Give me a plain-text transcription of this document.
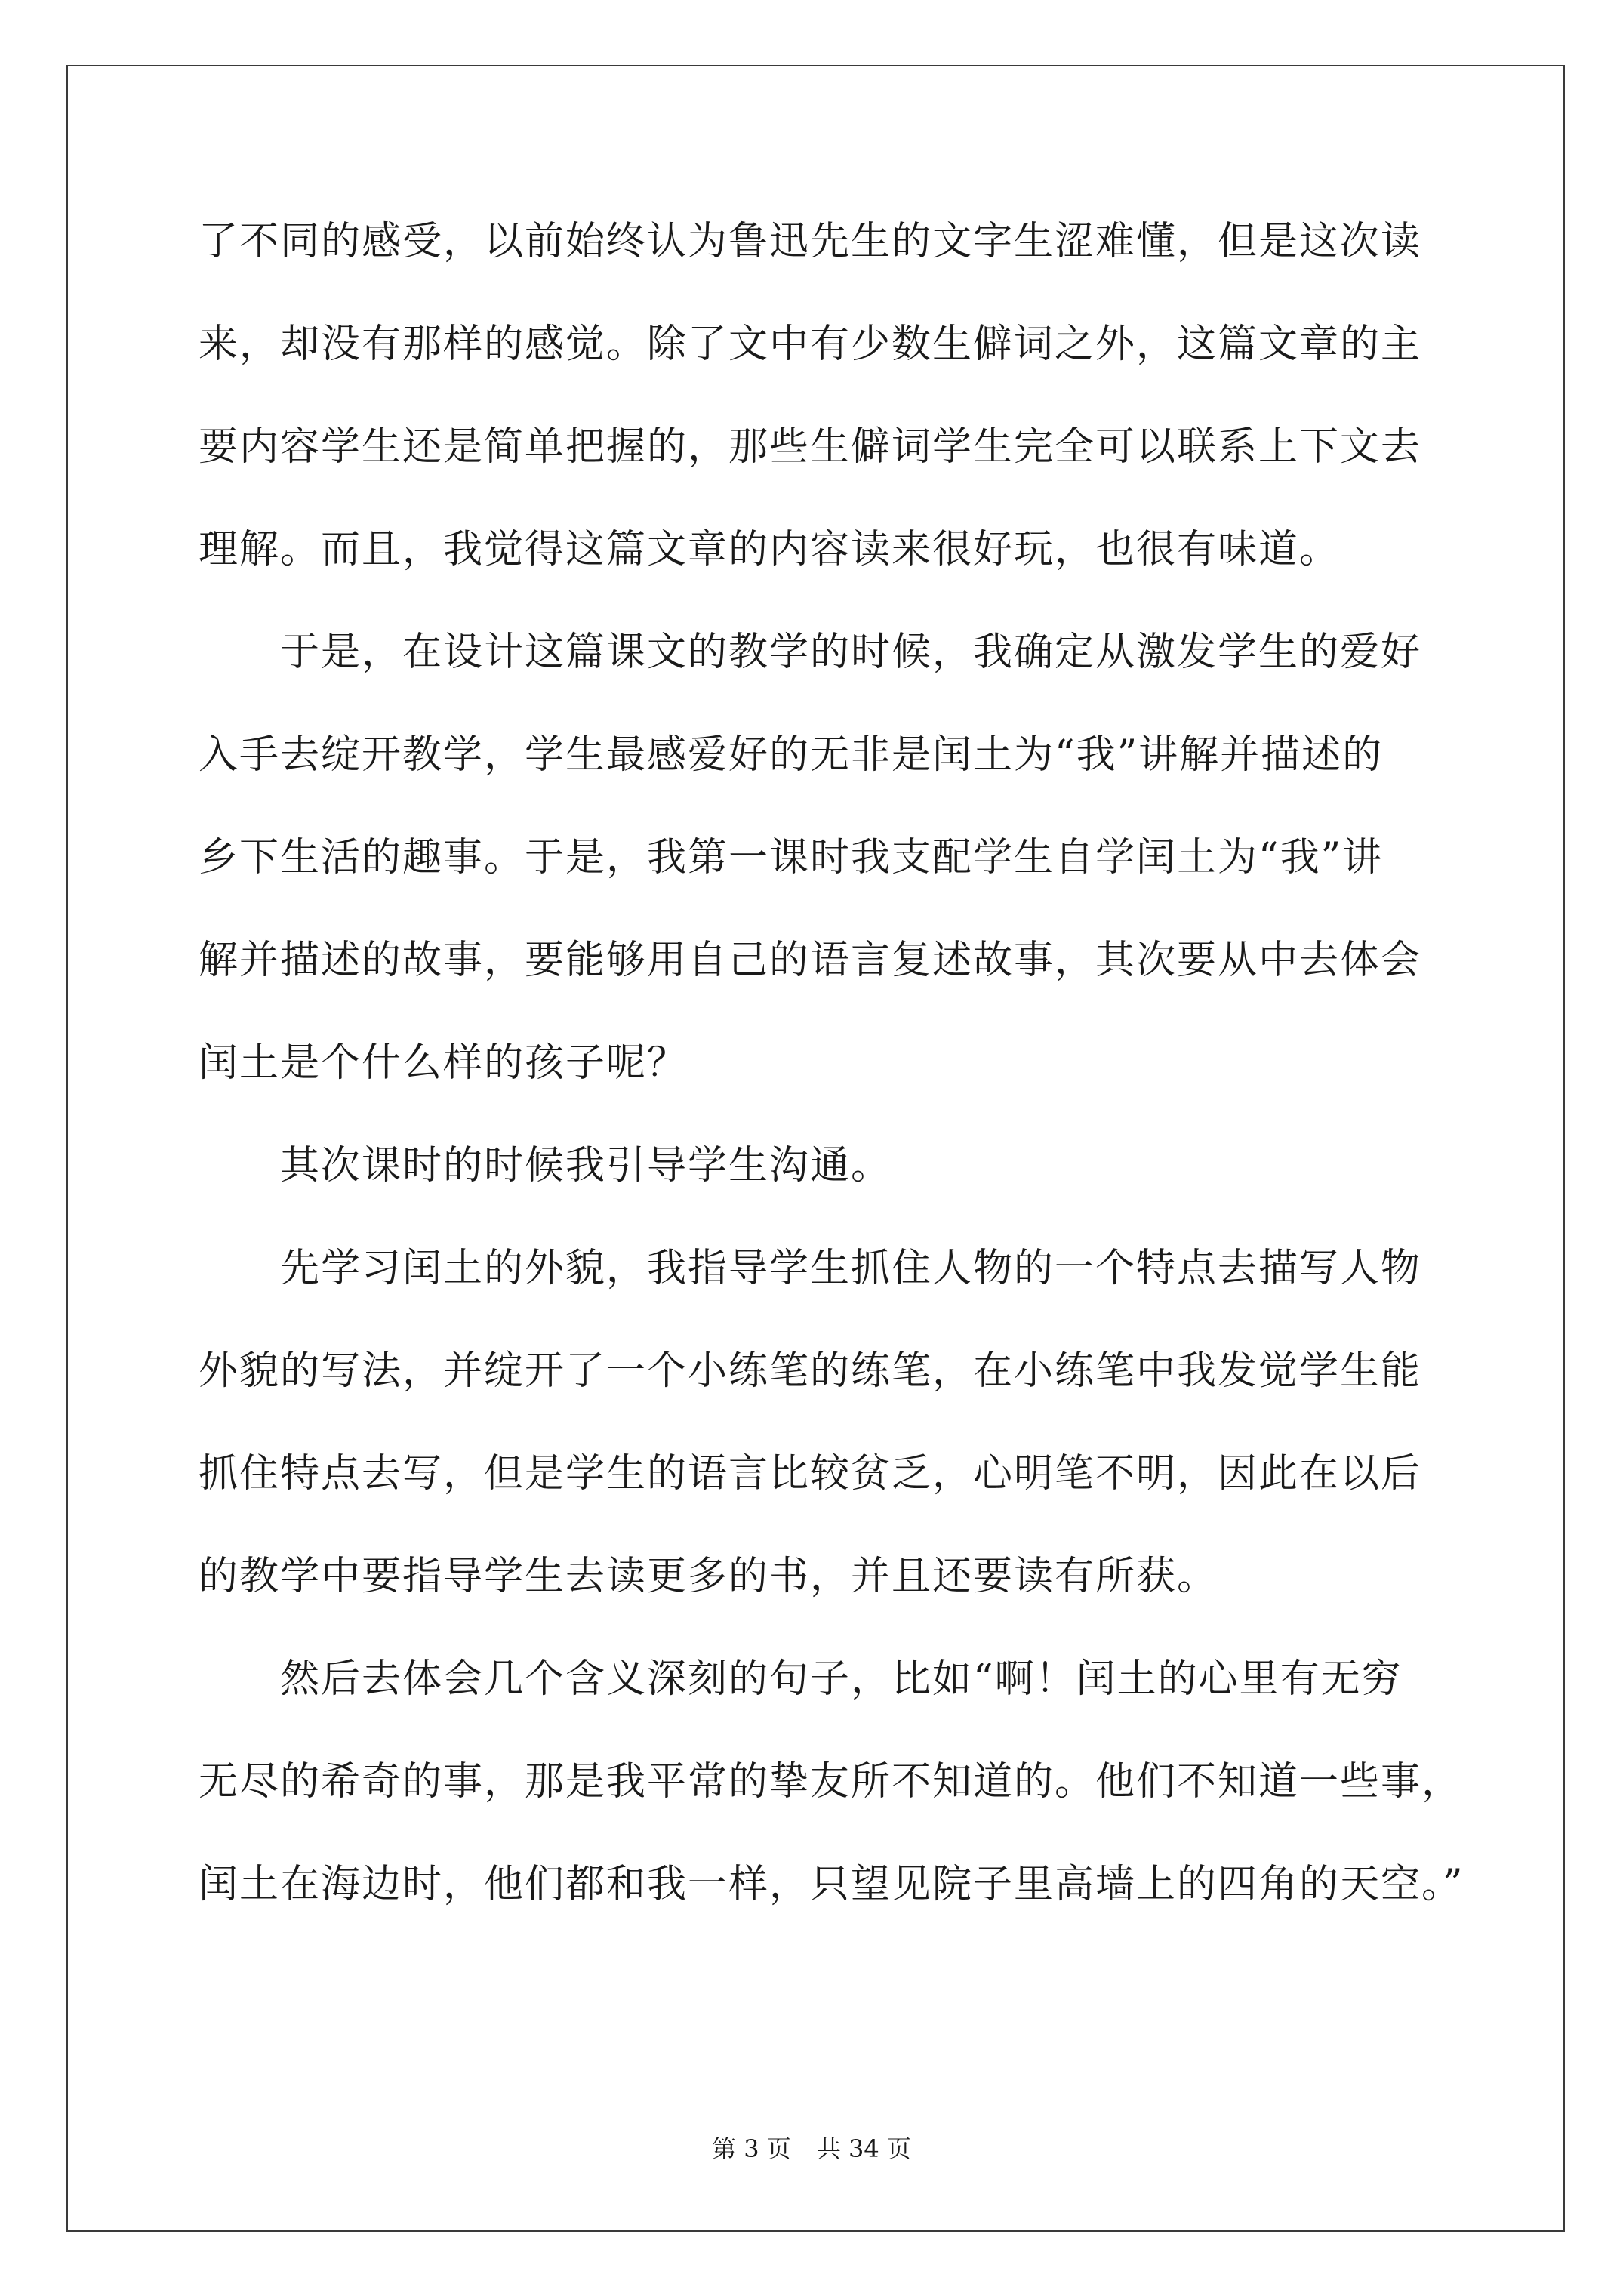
了不同的感受，以前始终认为鲁迅先生的文字生涩难懂，但是这次读
来，却没有那样的感觉。除了文中有少数生僻词之外，这篇文章的主
要内容学生还是简单把握的，那些生僻词学生完全可以联系上下文去
理解。而且，我觉得这篇文章的内容读来很好玩，也很有味道。
于是，在设计这篇课文的教学的时候，我确定从激发学生的爱好
入手去绽开教学，学生最感爱好的无非是闰土为“我”讲解并描述的
乡下生活的趣事。于是，我第一课时我支配学生自学闰土为“我”讲
解并描述的故事，要能够用自己的语言复述故事，其次要从中去体会
闰土是个什么样的孩子呢？
其次课时的时候我引导学生沟通。
先学习闰土的外貌，我指导学生抓住人物的一个特点去描写人物
外貌的写法，并绽开了一个小练笔的练笔，在小练笔中我发觉学生能
抓住特点去写，但是学生的语言比较贫乏，心明笔不明，因此在以后
的教学中要指导学生去读更多的书，并且还要读有所获。
然后去体会几个含义深刻的句子，比如“啊！闰土的心里有无穷
无尽的希奇的事，那是我平常的挚友所不知道的。他们不知道一些事，
闰土在海边时，他们都和我一样，只望见院子里高墙上的四角的天空。”
第 3 页 共 34 页
